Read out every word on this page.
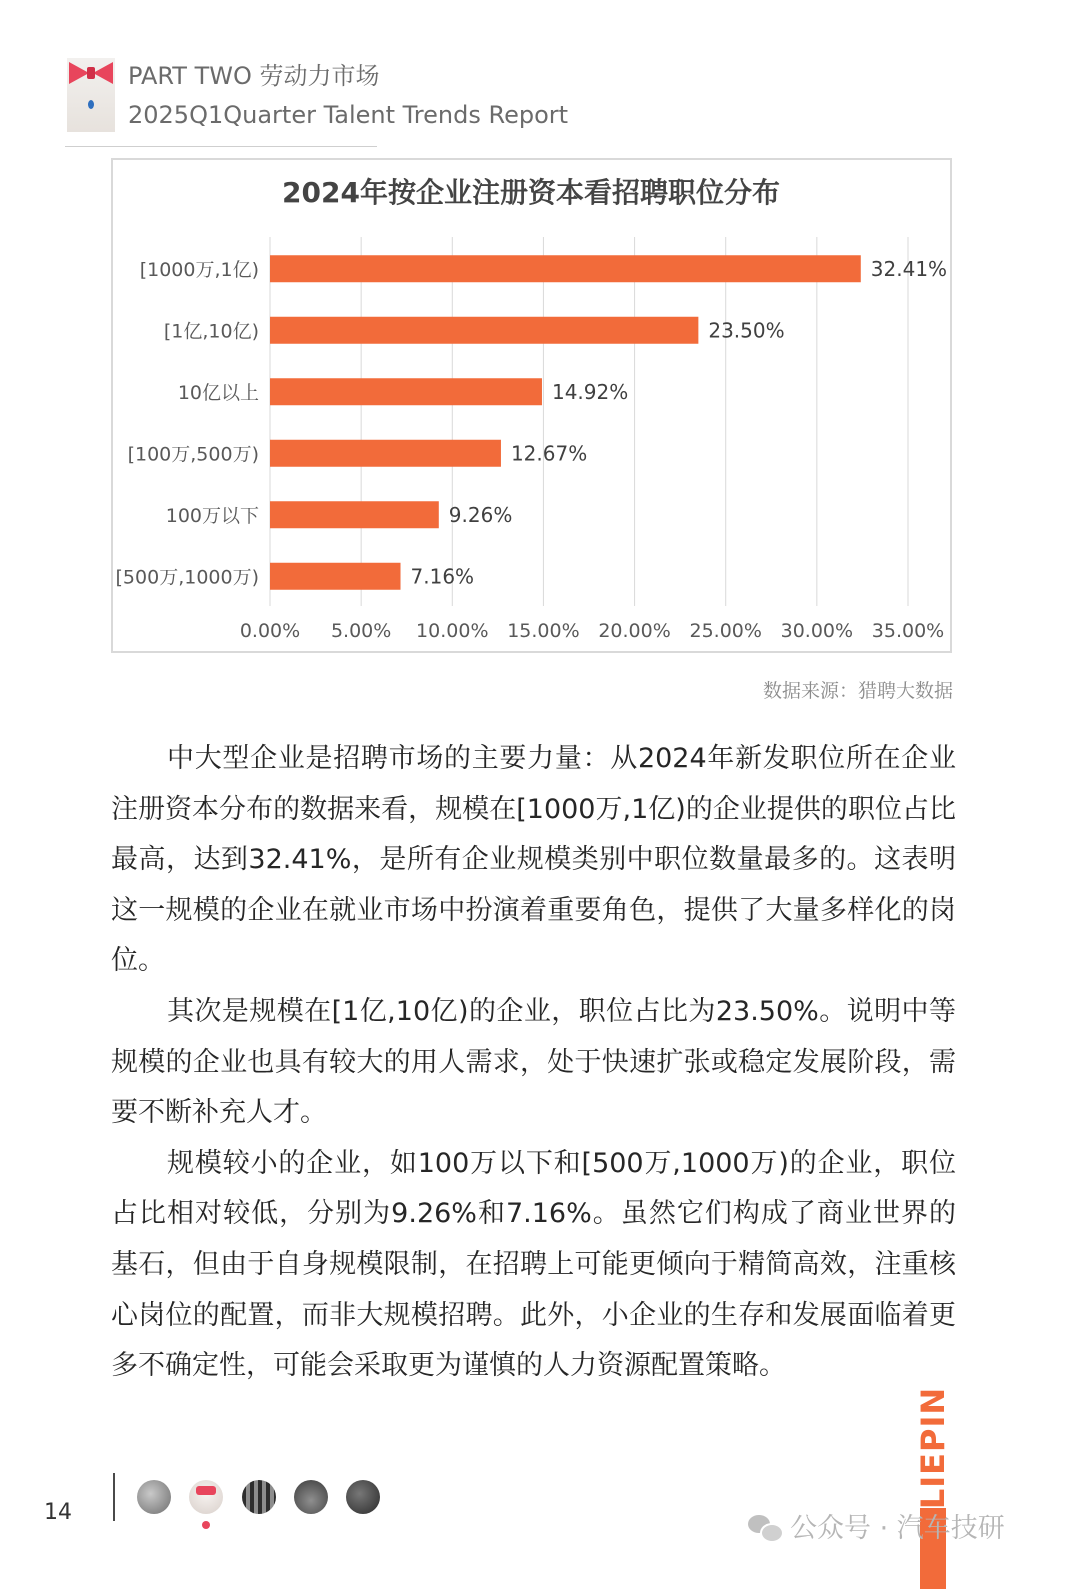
PART TWO 劳动力市场
2025Q1Quarter Talent Trends Report
2024年按企业注册资本看招聘职位分布
0.00% 5.00% 10.00% 15.00% 20.00% 25.00% 30.00% 35.00%
[1000万,1亿)	32.41%
[1亿,10亿)	23.50%
10亿以上	14.92%
[100万,500万)	12.67%
100万以下	9.26%
[500万,1000万)	7.16%
数据来源：猎聘大数据

中大型企业是招聘市场的主要力量：从2024年新发职位所在企业注册资本分布的数据来看，规模在[1000万,1亿)的企业提供的职位占比最高，达到32.41%，是所有企业规模类别中职位数量最多的。这表明这一规模的企业在就业市场中扮演着重要角色，提供了大量多样化的岗位。

其次是规模在[1亿,10亿)的企业，职位占比为23.50%。说明中等规模的企业也具有较大的用人需求，处于快速扩张或稳定发展阶段，需要不断补充人才。

规模较小的企业，如100万以下和[500万,1000万)的企业，职位占比相对较低，分别为9.26%和7.16%。虽然它们构成了商业世界的基石，但由于自身规模限制，在招聘上可能更倾向于精简高效，注重核心岗位的配置，而非大规模招聘。此外，小企业的生存和发展面临着更多不确定性，可能会采取更为谨慎的人力资源配置策略。

14
LIEPIN
公众号 · 汽车技研
